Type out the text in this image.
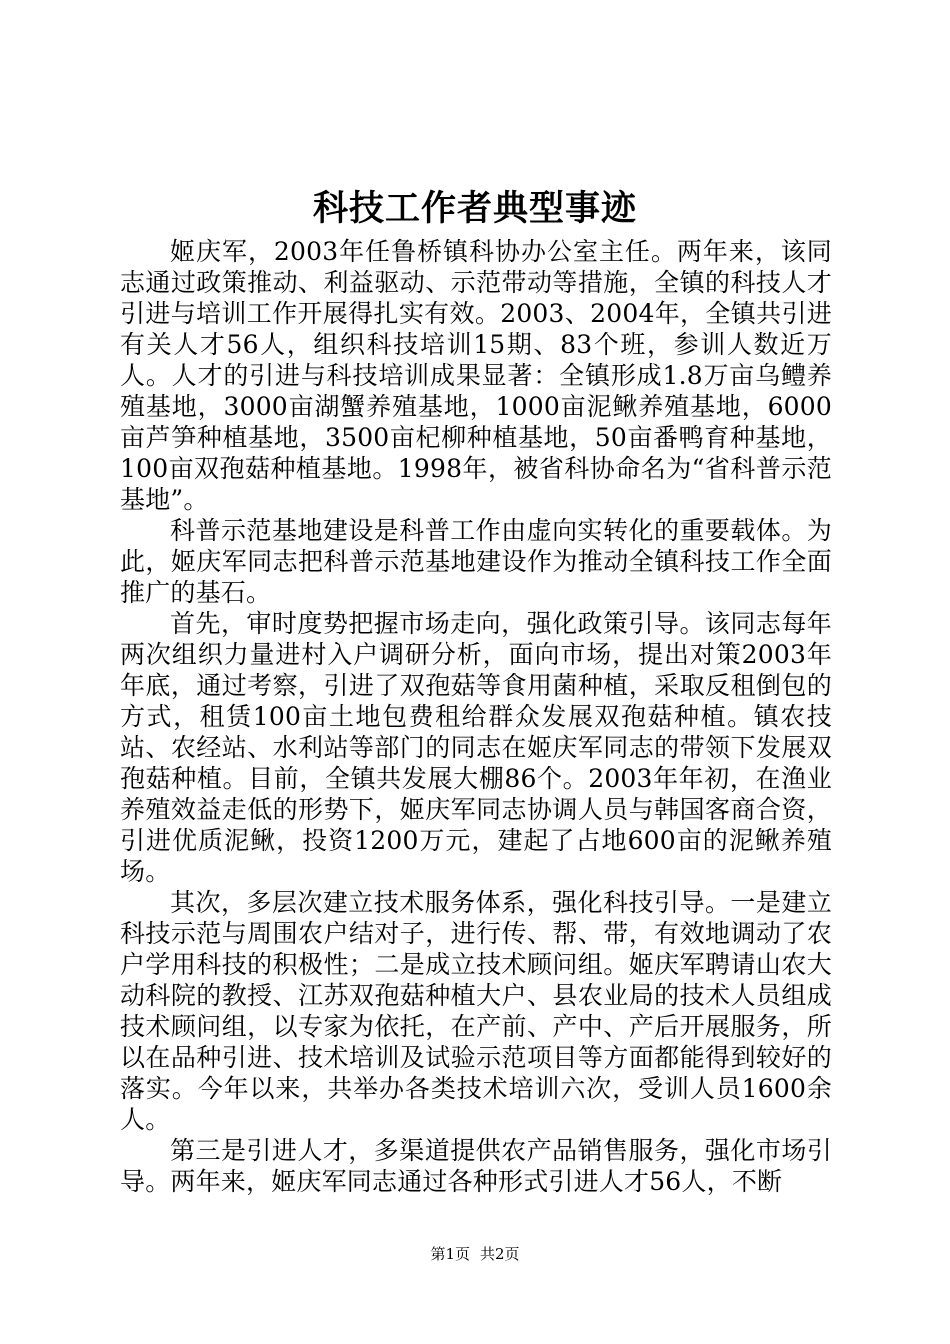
科技工作者典型事迹

姬庆军，2003年任鲁桥镇科协办公室主任。两年来，该同志通过政策推动、利益驱动、示范带动等措施，全镇的科技人才引进与培训工作开展得扎实有效。2003、2004年，全镇共引进有关人才56人，组织科技培训15期、83个班，参训人数近万人。人才的引进与科技培训成果显著：全镇形成1.8万亩乌鳢养殖基地，3000亩湖蟹养殖基地，1000亩泥鳅养殖基地，6000亩芦笋种植基地，3500亩杞柳种植基地，50亩番鸭育种基地，100亩双孢菇种植基地。1998年，被省科协命名为“省科普示范基地”。

科普示范基地建设是科普工作由虚向实转化的重要载体。为此，姬庆军同志把科普示范基地建设作为推动全镇科技工作全面推广的基石。

首先，审时度势把握市场走向，强化政策引导。该同志每年两次组织力量进村入户调研分析，面向市场，提出对策2003年年底，通过考察，引进了双孢菇等食用菌种植，采取反租倒包的方式，租赁100亩土地包费租给群众发展双孢菇种植。镇农技站、农经站、水利站等部门的同志在姬庆军同志的带领下发展双孢菇种植。目前，全镇共发展大棚86个。2003年年初，在渔业养殖效益走低的形势下，姬庆军同志协调人员与韩国客商合资，引进优质泥鳅，投资1200万元，建起了占地600亩的泥鳅养殖场。

其次，多层次建立技术服务体系，强化科技引导。一是建立科技示范与周围农户结对子，进行传、帮、带，有效地调动了农户学用科技的积极性；二是成立技术顾问组。姬庆军聘请山农大动科院的教授、江苏双孢菇种植大户、县农业局的技术人员组成技术顾问组，以专家为依托，在产前、产中、产后开展服务，所以在品种引进、技术培训及试验示范项目等方面都能得到较好的落实。今年以来，共举办各类技术培训六次，受训人员1600余人。

第三是引进人才，多渠道提供农产品销售服务，强化市场引导。两年来，姬庆军同志通过各种形式引进人才56人，不断

第1页 共2页
